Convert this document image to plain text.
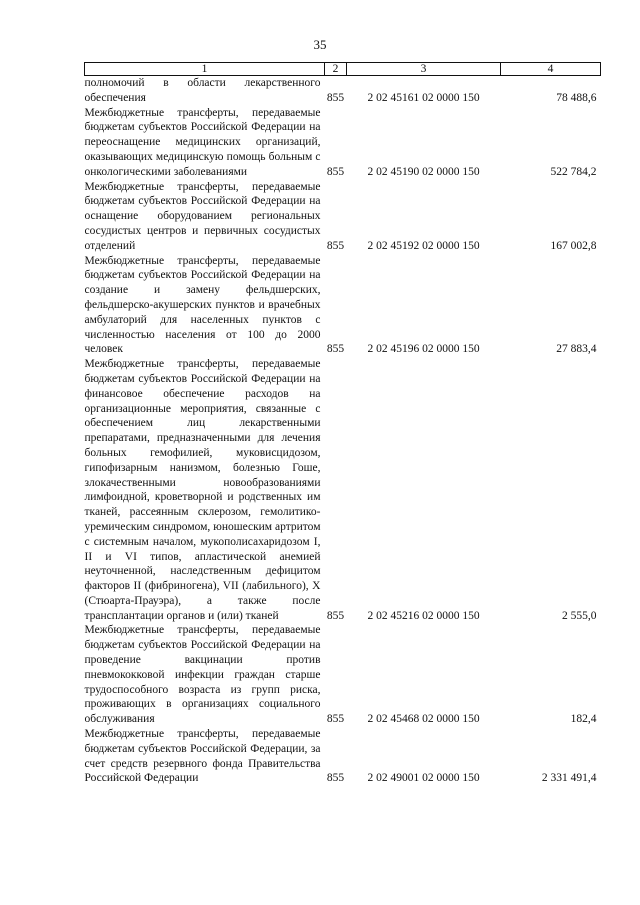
35
1	2	3	4
полномочий в области лекарственного обеспечения	855	2 02 45161 02 0000 150	78 488,6
Межбюджетные трансферты, передаваемые бюджетам субъектов Российской Федерации на переоснащение медицинских организаций, оказывающих медицинскую помощь больным с онкологическими заболеваниями	855	2 02 45190 02 0000 150	522 784,2
Межбюджетные трансферты, передаваемые бюджетам субъектов Российской Федерации на оснащение оборудованием региональных сосудистых центров и первичных сосудистых отделений	855	2 02 45192 02 0000 150	167 002,8
Межбюджетные трансферты, передаваемые бюджетам субъектов Российской Федерации на создание и замену фельдшерских, фельдшерско-акушерских пунктов и врачебных амбулаторий для населенных пунктов с численностью населения от 100 до 2000 человек	855	2 02 45196 02 0000 150	27 883,4
Межбюджетные трансферты, передаваемые бюджетам субъектов Российской Федерации на финансовое обеспечение расходов на организационные мероприятия, связанные с обеспечением лиц лекарственными препаратами, предназначенными для лечения больных гемофилией, муковисцидозом, гипофизарным нанизмом, болезнью Гоше, злокачественными новообразованиями лимфоидной, кроветворной и родственных им тканей, рассеянным склерозом, гемолитико-уремическим синдромом, юношеским артритом с системным началом, мукополисахаридозом I, II и VI типов, апластической анемией неуточненной, наследственным дефицитом факторов II (фибриногена), VII (лабильного), X (Стюарта-Прауэра), а также после трансплантации органов и (или) тканей	855	2 02 45216 02 0000 150	2 555,0
Межбюджетные трансферты, передаваемые бюджетам субъектов Российской Федерации на проведение вакцинации против пневмококковой инфекции граждан старше трудоспособного возраста из групп риска, проживающих в организациях социального обслуживания	855	2 02 45468 02 0000 150	182,4
Межбюджетные трансферты, передаваемые бюджетам субъектов Российской Федерации, за счет средств резервного фонда Правительства Российской Федерации	855	2 02 49001 02 0000 150	2 331 491,4
